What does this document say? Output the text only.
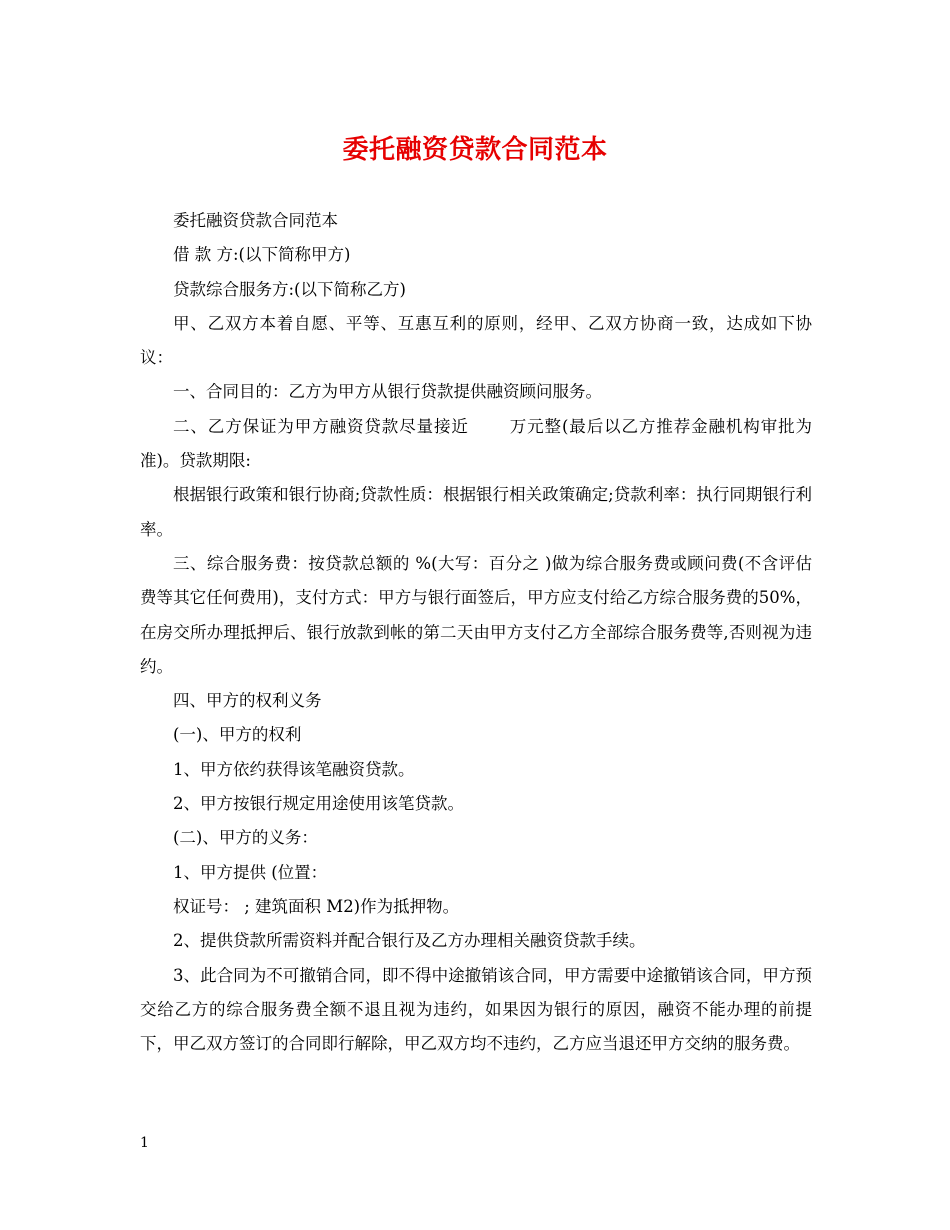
委托融资贷款合同范本

委托融资贷款合同范本

借 款 方:(以下简称甲方)

贷款综合服务方:(以下简称乙方)

甲、乙双方本着自愿、平等、互惠互利的原则，经甲、乙双方协商一致，达成如下协议：

一、合同目的：乙方为甲方从银行贷款提供融资顾问服务。

二、乙方保证为甲方融资贷款尽量接近　　 万元整(最后以乙方推荐金融机构审批为准)。贷款期限:

根据银行政策和银行协商;贷款性质：根据银行相关政策确定;贷款利率：执行同期银行利率。

三、综合服务费：按贷款总额的 %(大写：百分之 )做为综合服务费或顾问费(不含评估费等其它任何费用)，支付方式：甲方与银行面签后，甲方应支付给乙方综合服务费的50%，在房交所办理抵押后、银行放款到帐的第二天由甲方支付乙方全部综合服务费等,否则视为违约。

四、甲方的权利义务

(一)、甲方的权利

1、甲方依约获得该笔融资贷款。

2、甲方按银行规定用途使用该笔贷款。

(二)、甲方的义务：

1、甲方提供 (位置：

权证号： ; 建筑面积 M2)作为抵押物。

2、提供贷款所需资料并配合银行及乙方办理相关融资贷款手续。

3、此合同为不可撤销合同，即不得中途撤销该合同，甲方需要中途撤销该合同，甲方预交给乙方的综合服务费全额不退且视为违约，如果因为银行的原因，融资不能办理的前提下，甲乙双方签订的合同即行解除，甲乙双方均不违约，乙方应当退还甲方交纳的服务费。

1
